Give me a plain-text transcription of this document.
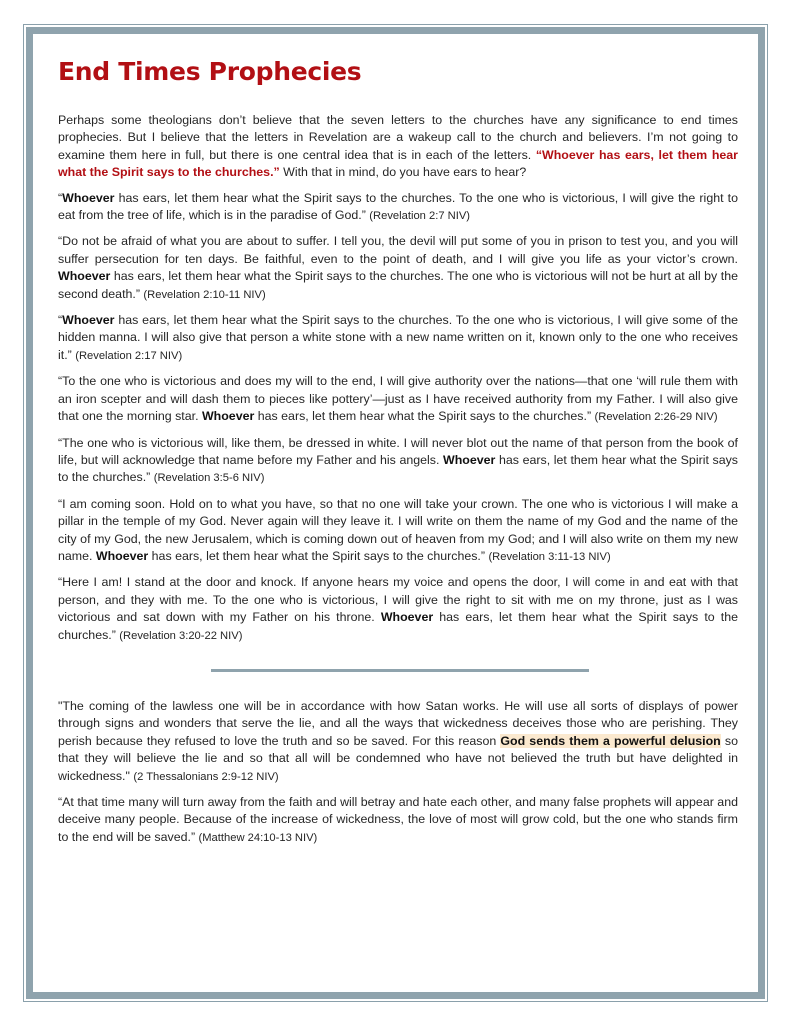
End Times Prophecies

Perhaps some theologians don’t believe that the seven letters to the churches have any significance to end times prophecies. But I believe that the letters in Revelation are a wakeup call to the church and believers. I’m not going to examine them here in full, but there is one central idea that is in each of the letters. “Whoever has ears, let them hear what the Spirit says to the churches.” With that in mind, do you have ears to hear?

“Whoever has ears, let them hear what the Spirit says to the churches. To the one who is victorious, I will give the right to eat from the tree of life, which is in the paradise of God.” (Revelation 2:7 NIV)

“Do not be afraid of what you are about to suffer. I tell you, the devil will put some of you in prison to test you, and you will suffer persecution for ten days. Be faithful, even to the point of death, and I will give you life as your victor’s crown. Whoever has ears, let them hear what the Spirit says to the churches. The one who is victorious will not be hurt at all by the second death.” (Revelation 2:10-11 NIV)

“Whoever has ears, let them hear what the Spirit says to the churches. To the one who is victorious, I will give some of the hidden manna. I will also give that person a white stone with a new name written on it, known only to the one who receives it.” (Revelation 2:17 NIV)

“To the one who is victorious and does my will to the end, I will give authority over the nations—that one ‘will rule them with an iron scepter and will dash them to pieces like pottery’—just as I have received authority from my Father. I will also give that one the morning star. Whoever has ears, let them hear what the Spirit says to the churches.” (Revelation 2:26-29 NIV)

“The one who is victorious will, like them, be dressed in white. I will never blot out the name of that person from the book of life, but will acknowledge that name before my Father and his angels. Whoever has ears, let them hear what the Spirit says to the churches.” (Revelation 3:5-6 NIV)

“I am coming soon. Hold on to what you have, so that no one will take your crown. The one who is victorious I will make a pillar in the temple of my God. Never again will they leave it. I will write on them the name of my God and the name of the city of my God, the new Jerusalem, which is coming down out of heaven from my God; and I will also write on them my new name. Whoever has ears, let them hear what the Spirit says to the churches.” (Revelation 3:11-13 NIV)

“Here I am! I stand at the door and knock. If anyone hears my voice and opens the door, I will come in and eat with that person, and they with me. To the one who is victorious, I will give the right to sit with me on my throne, just as I was victorious and sat down with my Father on his throne. Whoever has ears, let them hear what the Spirit says to the churches.” (Revelation 3:20-22 NIV)

"The coming of the lawless one will be in accordance with how Satan works. He will use all sorts of displays of power through signs and wonders that serve the lie, and all the ways that wickedness deceives those who are perishing. They perish because they refused to love the truth and so be saved. For this reason God sends them a powerful delusion so that they will believe the lie and so that all will be condemned who have not believed the truth but have delighted in wickedness." (2 Thessalonians 2:9-12 NIV)

“At that time many will turn away from the faith and will betray and hate each other, and many false prophets will appear and deceive many people. Because of the increase of wickedness, the love of most will grow cold, but the one who stands firm to the end will be saved.” (Matthew 24:10-13 NIV)
